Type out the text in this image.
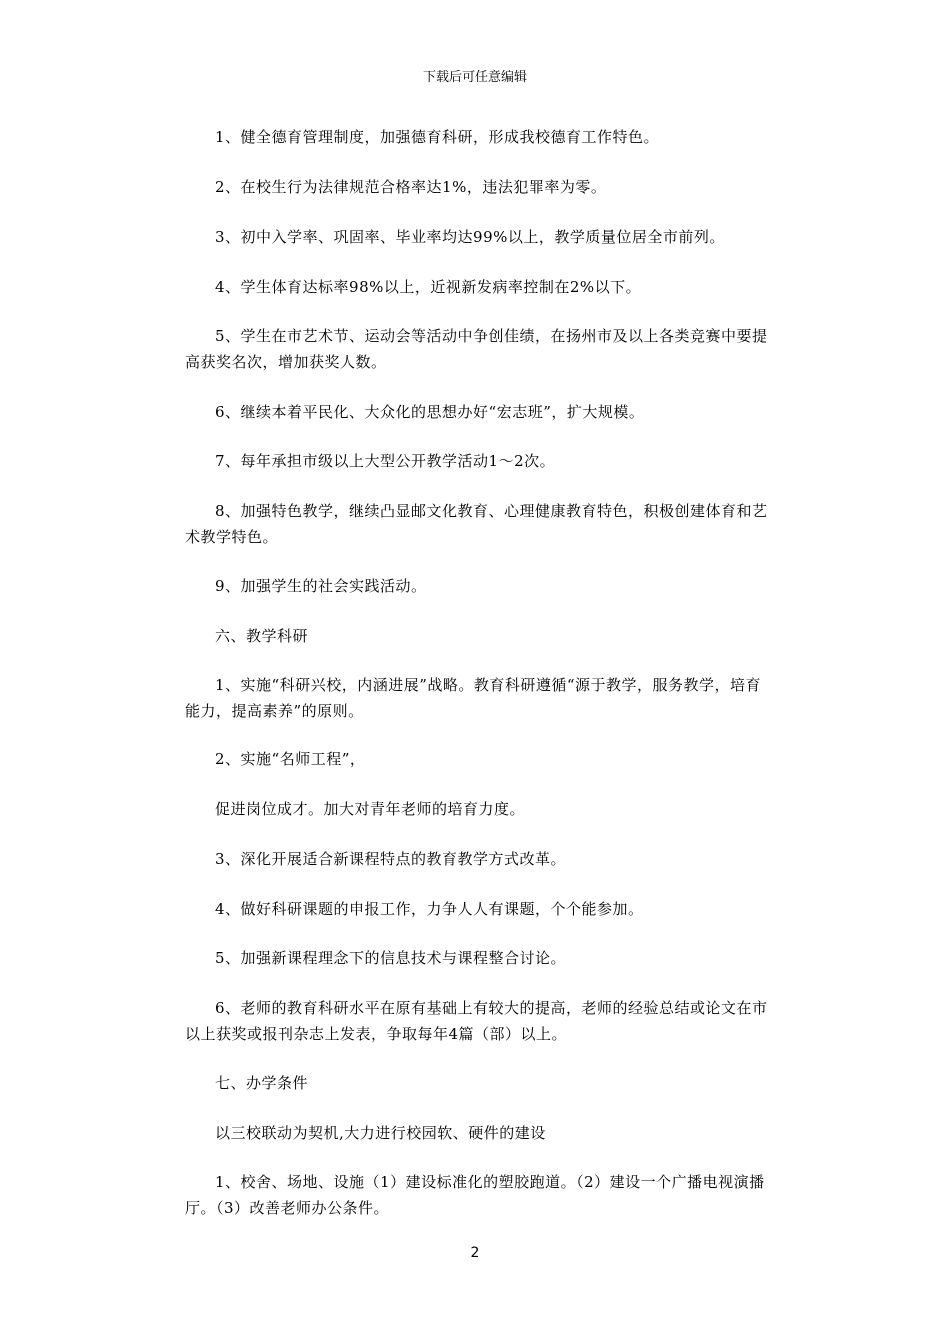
下载后可任意编辑
1、健全德育管理制度，加强德育科研，形成我校德育工作特色。
2、在校生行为法律规范合格率达1%，违法犯罪率为零。
3、初中入学率、巩固率、毕业率均达99%以上，教学质量位居全市前列。
4、学生体育达标率98%以上，近视新发病率控制在2%以下。
5、学生在市艺术节、运动会等活动中争创佳绩，在扬州市及以上各类竞赛中要提高获奖名次，增加获奖人数。
6、继续本着平民化、大众化的思想办好“宏志班”，扩大规模。
7、每年承担市级以上大型公开教学活动1～2次。
8、加强特色教学，继续凸显邮文化教育、心理健康教育特色，积极创建体育和艺术教学特色。
9、加强学生的社会实践活动。
六、教学科研
1、实施“科研兴校，内涵进展”战略。教育科研遵循“源于教学，服务教学，培育能力，提高素养”的原则。
2、实施“名师工程”，
促进岗位成才。加大对青年老师的培育力度。
3、深化开展适合新课程特点的教育教学方式改革。
4、做好科研课题的申报工作，力争人人有课题，个个能参加。
5、加强新课程理念下的信息技术与课程整合讨论。
6、老师的教育科研水平在原有基础上有较大的提高，老师的经验总结或论文在市以上获奖或报刊杂志上发表，争取每年4篇（部）以上。
七、办学条件
以三校联动为契机,大力进行校园软、硬件的建设
1、校舍、场地、设施（1）建设标准化的塑胶跑道。（2）建设一个广播电视演播厅。（3）改善老师办公条件。
2
